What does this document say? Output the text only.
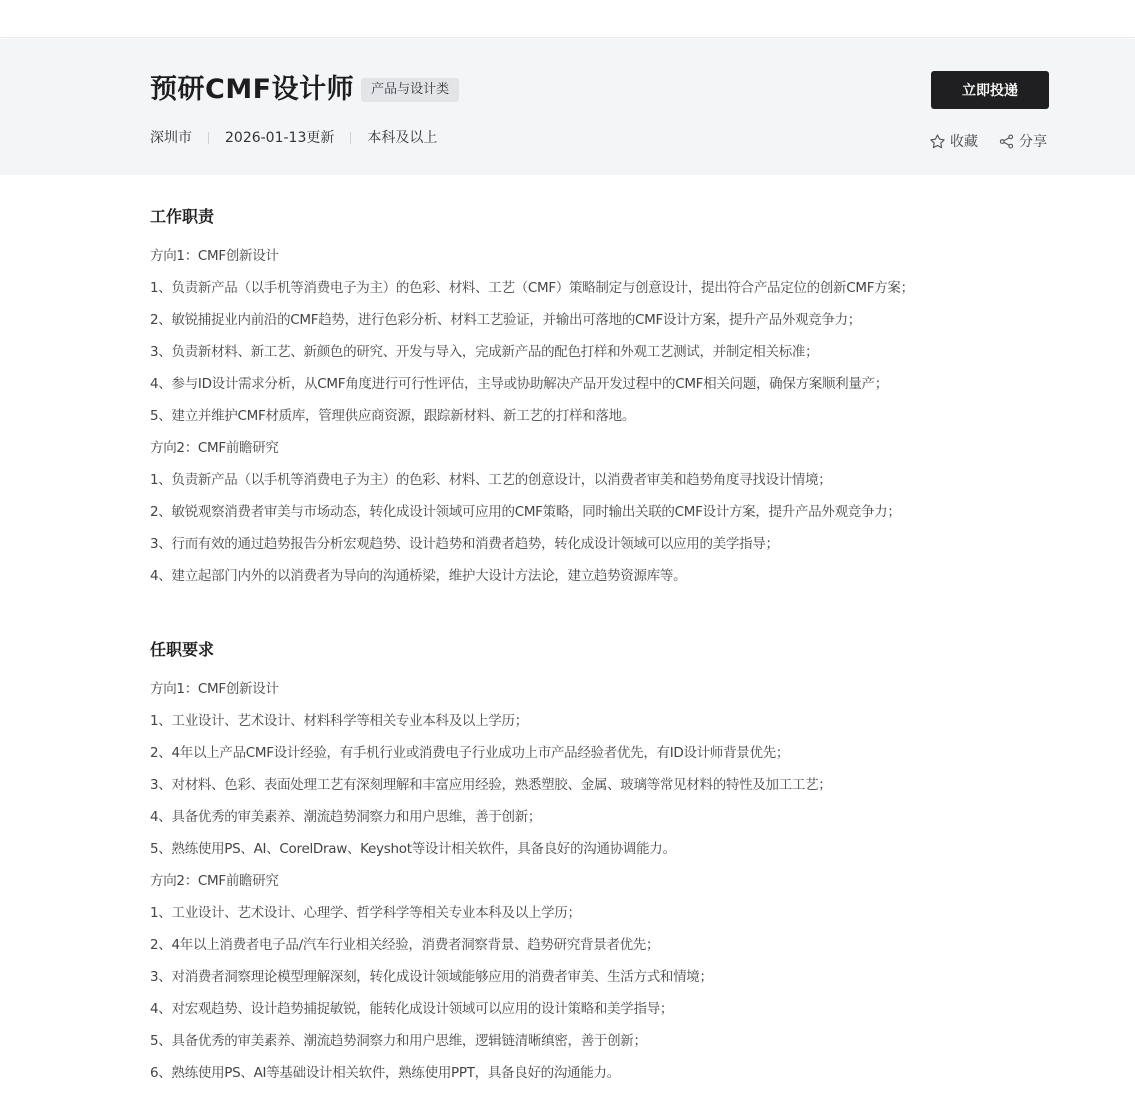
预研CMF设计师	产品与设计类
深圳市 2026-01-13更新 本科及以上
立即投递
收藏	分享
工作职责
方向1：CMF创新设计
1、负责新产品（以手机等消费电子为主）的色彩、材料、工艺（CMF）策略制定与创意设计，提出符合产品定位的创新CMF方案；
2、敏锐捕捉业内前沿的CMF趋势，进行色彩分析、材料工艺验证，并输出可落地的CMF设计方案，提升产品外观竞争力；
3、负责新材料、新工艺、新颜色的研究、开发与导入，完成新产品的配色打样和外观工艺测试，并制定相关标准；
4、参与ID设计需求分析，从CMF角度进行可行性评估，主导或协助解决产品开发过程中的CMF相关问题，确保方案顺利量产；
5、建立并维护CMF材质库，管理供应商资源，跟踪新材料、新工艺的打样和落地。
方向2：CMF前瞻研究
1、负责新产品（以手机等消费电子为主）的色彩、材料、工艺的创意设计，以消费者审美和趋势角度寻找设计情境；
2、敏锐观察消费者审美与市场动态，转化成设计领域可应用的CMF策略，同时输出关联的CMF设计方案，提升产品外观竞争力；
3、行而有效的通过趋势报告分析宏观趋势、设计趋势和消费者趋势，转化成设计领域可以应用的美学指导；
4、建立起部门内外的以消费者为导向的沟通桥梁，维护大设计方法论，建立趋势资源库等。
任职要求
方向1：CMF创新设计
1、工业设计、艺术设计、材料科学等相关专业本科及以上学历；
2、4年以上产品CMF设计经验，有手机行业或消费电子行业成功上市产品经验者优先，有ID设计师背景优先；
3、对材料、色彩、表面处理工艺有深刻理解和丰富应用经验，熟悉塑胶、金属、玻璃等常见材料的特性及加工工艺；
4、具备优秀的审美素养、潮流趋势洞察力和用户思维，善于创新；
5、熟练使用PS、AI、CorelDraw、Keyshot等设计相关软件，具备良好的沟通协调能力。
方向2：CMF前瞻研究
1、工业设计、艺术设计、心理学、哲学科学等相关专业本科及以上学历；
2、4年以上消费者电子品/汽车行业相关经验，消费者洞察背景、趋势研究背景者优先；
3、对消费者洞察理论模型理解深刻，转化成设计领域能够应用的消费者审美、生活方式和情境；
4、对宏观趋势、设计趋势捕捉敏锐，能转化成设计领域可以应用的设计策略和美学指导；
5、具备优秀的审美素养、潮流趋势洞察力和用户思维，逻辑链清晰缜密，善于创新；
6、熟练使用PS、AI等基础设计相关软件，熟练使用PPT，具备良好的沟通能力。
